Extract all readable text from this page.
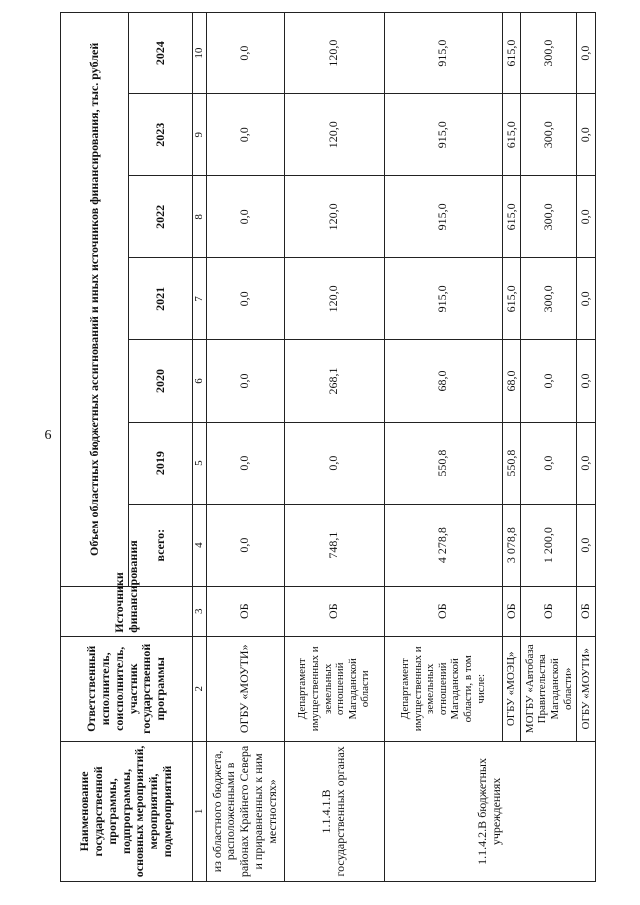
6
Наименование государственной программы, подпрограммы, основных мероприятий, мероприятий, подмероприятий	Ответственный исполнитель, соисполнитель, участник государственной программы	Источники финансирования	Объем областных бюджетных ассигнований и иных источников финансирования, тыс. рублей						
			всего:	2019	2020	2021	2022	2023	2024
1	2	3	4	5	6	7	8	9	10
из областного бюджета, расположенными в районах Крайнего Севера и приравненных к ним местностях»	ОГБУ «МОУТИ»	ОБ	0,0	0,0	0,0	0,0	0,0	0,0	0,0
1.1.4.1.В государственных органах	Департамент имущественных и земельных отношений Магаданской области	ОБ	748,1	0,0	268,1	120,0	120,0	120,0	120,0
1.1.4.2.В бюджетных учреждениях	Департамент имущественных и земельных отношений Магаданской области, в том числе:	ОБ	4 278,8	550,8	68,0	915,0	915,0	915,0	915,0
	ОГБУ «МОЭЦ»	ОБ	3 078,8	550,8	68,0	615,0	615,0	615,0	615,0
	МОГБУ «Автобаза Правительства Магаданской области»	ОБ	1 200,0	0,0	0,0	300,0	300,0	300,0	300,0
	ОГБУ «МОУТИ»	ОБ	0,0	0,0	0,0	0,0	0,0	0,0	0,0
